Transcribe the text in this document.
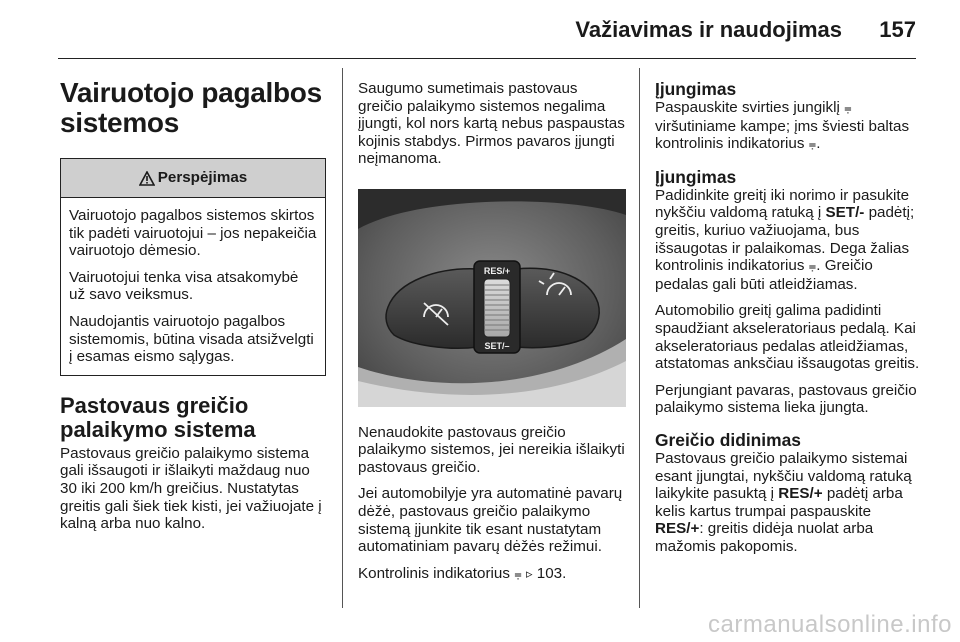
Važiavimas ir naudojimas 157
Vairuotojo pagalbos sistemos
Perspėjimas

Vairuotojo pagalbos sistemos skirtos tik padėti vairuotojui – jos nepakeičia vairuotojo dėmesio.

Vairuotojui tenka visa atsakomybė už savo veiksmus.

Naudojantis vairuotojo pagalbos sistemomis, būtina visada atsižvelgti į esamas eismo sąlygas.

Pastovaus greičio palaikymo sistema

Pastovaus greičio palaikymo sistema gali išsaugoti ir išlaikyti maždaug nuo 30 iki 200 km/h greičius. Nustatytas greitis gali šiek tiek kisti, jei važiuojate į kalną arba nuo kalno.

Saugumo sumetimais pastovaus greičio palaikymo sistemos negalima įjungti, kol nors kartą nebus paspaustas kojinis stabdys. Pirmos pavaros įjungti neįmanoma.

RES/+
SET/–

Nenaudokite pastovaus greičio palaikymo sistemos, jei nereikia išlaikyti pastovaus greičio.

Jei automobilyje yra automatinė pavarų dėžė, pastovaus greičio palaikymo sistemą įjunkite tik esant nustatytam automatiniam pavarų dėžės režimui.

Kontrolinis indikatorius ⩦ ▹ 103.

Įjungimas

Paspauskite svirties jungiklį ⩦ viršutiniame kampe; įms šviesti baltas kontrolinis indikatorius ⩦.

Įjungimas

Padidinkite greitį iki norimo ir pasukite nykščiu valdomą ratuką į SET/- padėtį; greitis, kuriuo važiuojama, bus išsaugotas ir palaikomas. Dega žalias kontrolinis indikatorius ⩦. Greičio pedalas gali būti atleidžiamas.

Automobilio greitį galima padidinti spaudžiant akseleratoriaus pedalą. Kai akseleratoriaus pedalas atleidžiamas, atstatomas anksčiau išsaugotas greitis.

Perjungiant pavaras, pastovaus greičio palaikymo sistema lieka įjungta.

Greičio didinimas

Pastovaus greičio palaikymo sistemai esant įjungtai, nykščiu valdomą ratuką laikykite pasuktą į RES/+ padėtį arba kelis kartus trumpai paspauskite RES/+: greitis didėja nuolat arba mažomis pakopomis.

carmanualsonline.info
